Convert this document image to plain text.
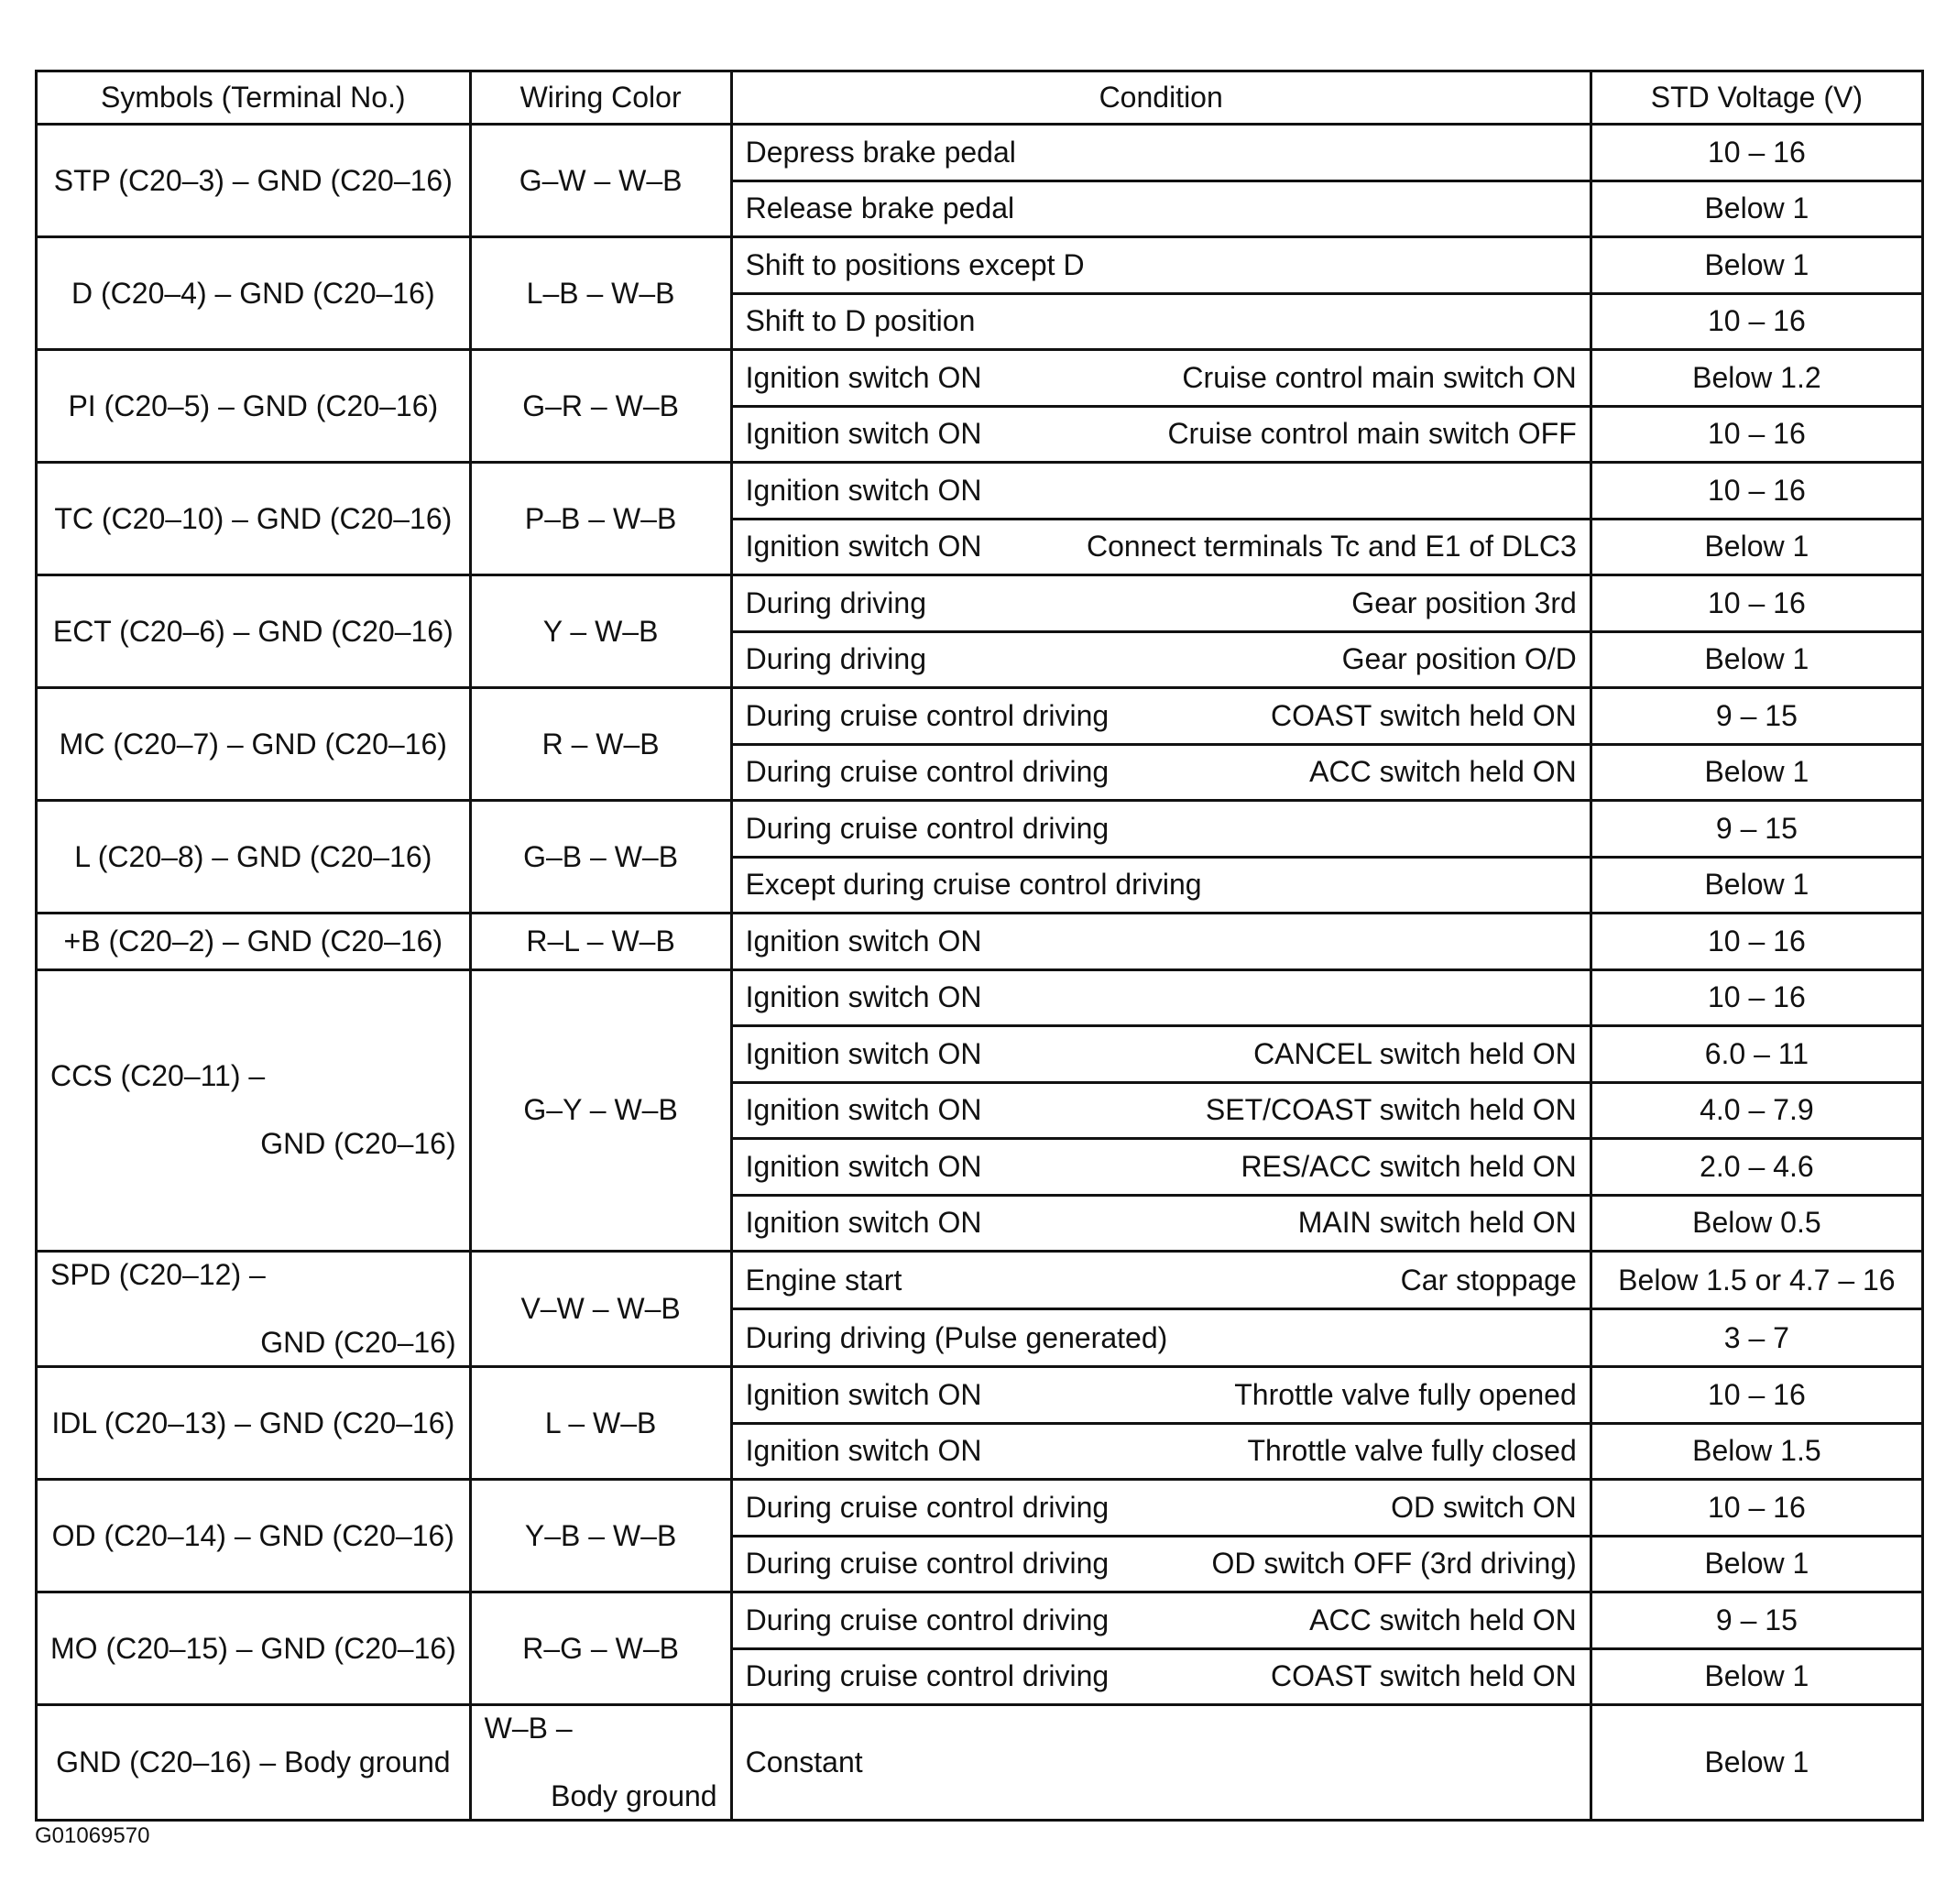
Symbols (Terminal No.)	Wiring Color	Condition	STD Voltage (V)
STP (C20–3) – GND (C20–16)	G–W – W–B	Depress brake pedal	10 – 16

		Release brake pedal	Below 1
D (C20–4) – GND (C20–16)	L–B – W–B	Shift to positions except D	Below 1

		Shift to D position	10 – 16
PI (C20–5) – GND (C20–16)	G–R – W–B	Ignition switch ON Cruise control main switch ON	Below 1.2

		Ignition switch ON Cruise control main switch OFF	10 – 16
TC (C20–10) – GND (C20–16)	P–B – W–B	Ignition switch ON	10 – 16

		Ignition switch ON Connect terminals Tc and E1 of DLC3	Below 1
ECT (C20–6) – GND (C20–16)	Y – W–B	During driving Gear position 3rd	10 – 16

		During driving Gear position O/D	Below 1
MC (C20–7) – GND (C20–16)	R – W–B	During cruise control driving COAST switch held ON	9 – 15

		During cruise control driving ACC switch held ON	Below 1
L (C20–8) – GND (C20–16)	G–B – W–B	During cruise control driving	9 – 15

		Except during cruise control driving	Below 1
+B (C20–2) – GND (C20–16)	R–L – W–B	Ignition switch ON	10 – 16

CCS (C20–11) –

GND (C20–16)	G–Y – W–B	Ignition switch ON	10 – 16

		Ignition switch ON CANCEL switch held ON	6.0 – 11

		Ignition switch ON SET/COAST switch held ON	4.0 – 7.9

		Ignition switch ON RES/ACC switch held ON	2.0 – 4.6

		Ignition switch ON MAIN switch held ON	Below 0.5

SPD (C20–12) –

GND (C20–16)	V–W – W–B	Engine start Car stoppage	Below 1.5 or 4.7 – 16

		During driving (Pulse generated)	3 – 7
IDL (C20–13) – GND (C20–16)	L – W–B	Ignition switch ON Throttle valve fully opened	10 – 16

		Ignition switch ON Throttle valve fully closed	Below 1.5
OD (C20–14) – GND (C20–16)	Y–B – W–B	During cruise control driving OD switch ON	10 – 16

		During cruise control driving OD switch OFF (3rd driving)	Below 1
MO (C20–15) – GND (C20–16)	R–G – W–B	During cruise control driving ACC switch held ON	9 – 15

		During cruise control driving COAST switch held ON	Below 1
GND (C20–16) – Body ground	W–B –

Body ground	Constant	Below 1
G01069570
